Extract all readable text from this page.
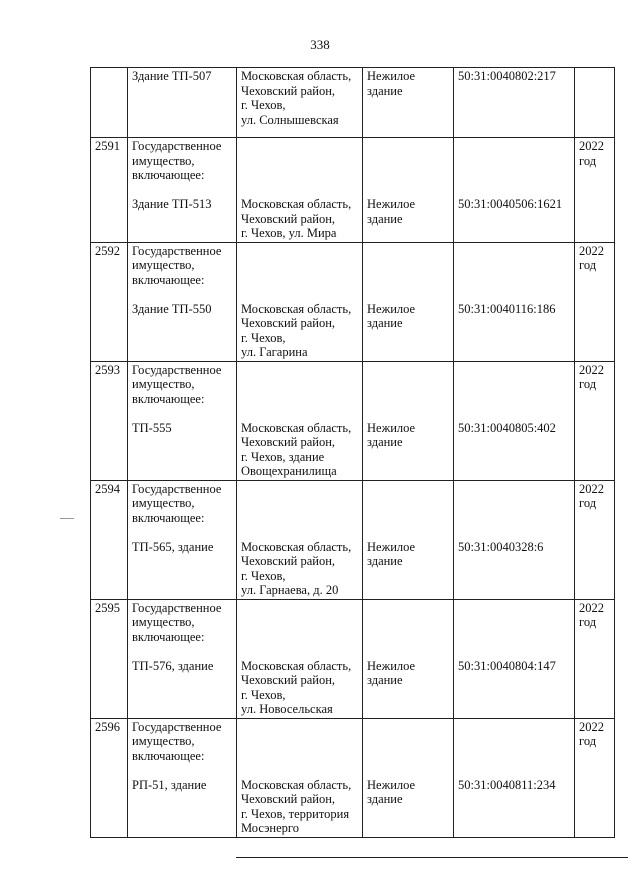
338

	Здание ТП-507	Московская область,
Чеховский район,
г. Чехов,
ул. Солнышевская	Нежилое
здание	50:31:0040802:217	

2591	Государственное
имущество,
включающее:
Здание ТП-513	Московская область,
Чеховский район,
г. Чехов, ул. Мира	Нежилое
здание	50:31:0040506:1621	2022
год

2592	Государственное
имущество,
включающее:
Здание ТП-550	Московская область,
Чеховский район,
г. Чехов,
ул. Гагарина	Нежилое
здание	50:31:0040116:186	2022
год

2593	Государственное
имущество,
включающее:
ТП-555	Московская область,
Чеховский район,
г. Чехов, здание
Овощехранилища	Нежилое
здание	50:31:0040805:402	2022
год

2594	Государственное
имущество,
включающее:
ТП-565, здание	Московская область,
Чеховский район,
г. Чехов,
ул. Гарнаева, д. 20	Нежилое
здание	50:31:0040328:6	2022
год

2595	Государственное
имущество,
включающее:
ТП-576, здание	Московская область,
Чеховский район,
г. Чехов,
ул. Новосельская	Нежилое
здание	50:31:0040804:147	2022
год

2596	Государственное
имущество,
включающее:
РП-51, здание	Московская область,
Чеховский район,
г. Чехов, территория
Мосэнерго	Нежилое
здание	50:31:0040811:234	2022
год
